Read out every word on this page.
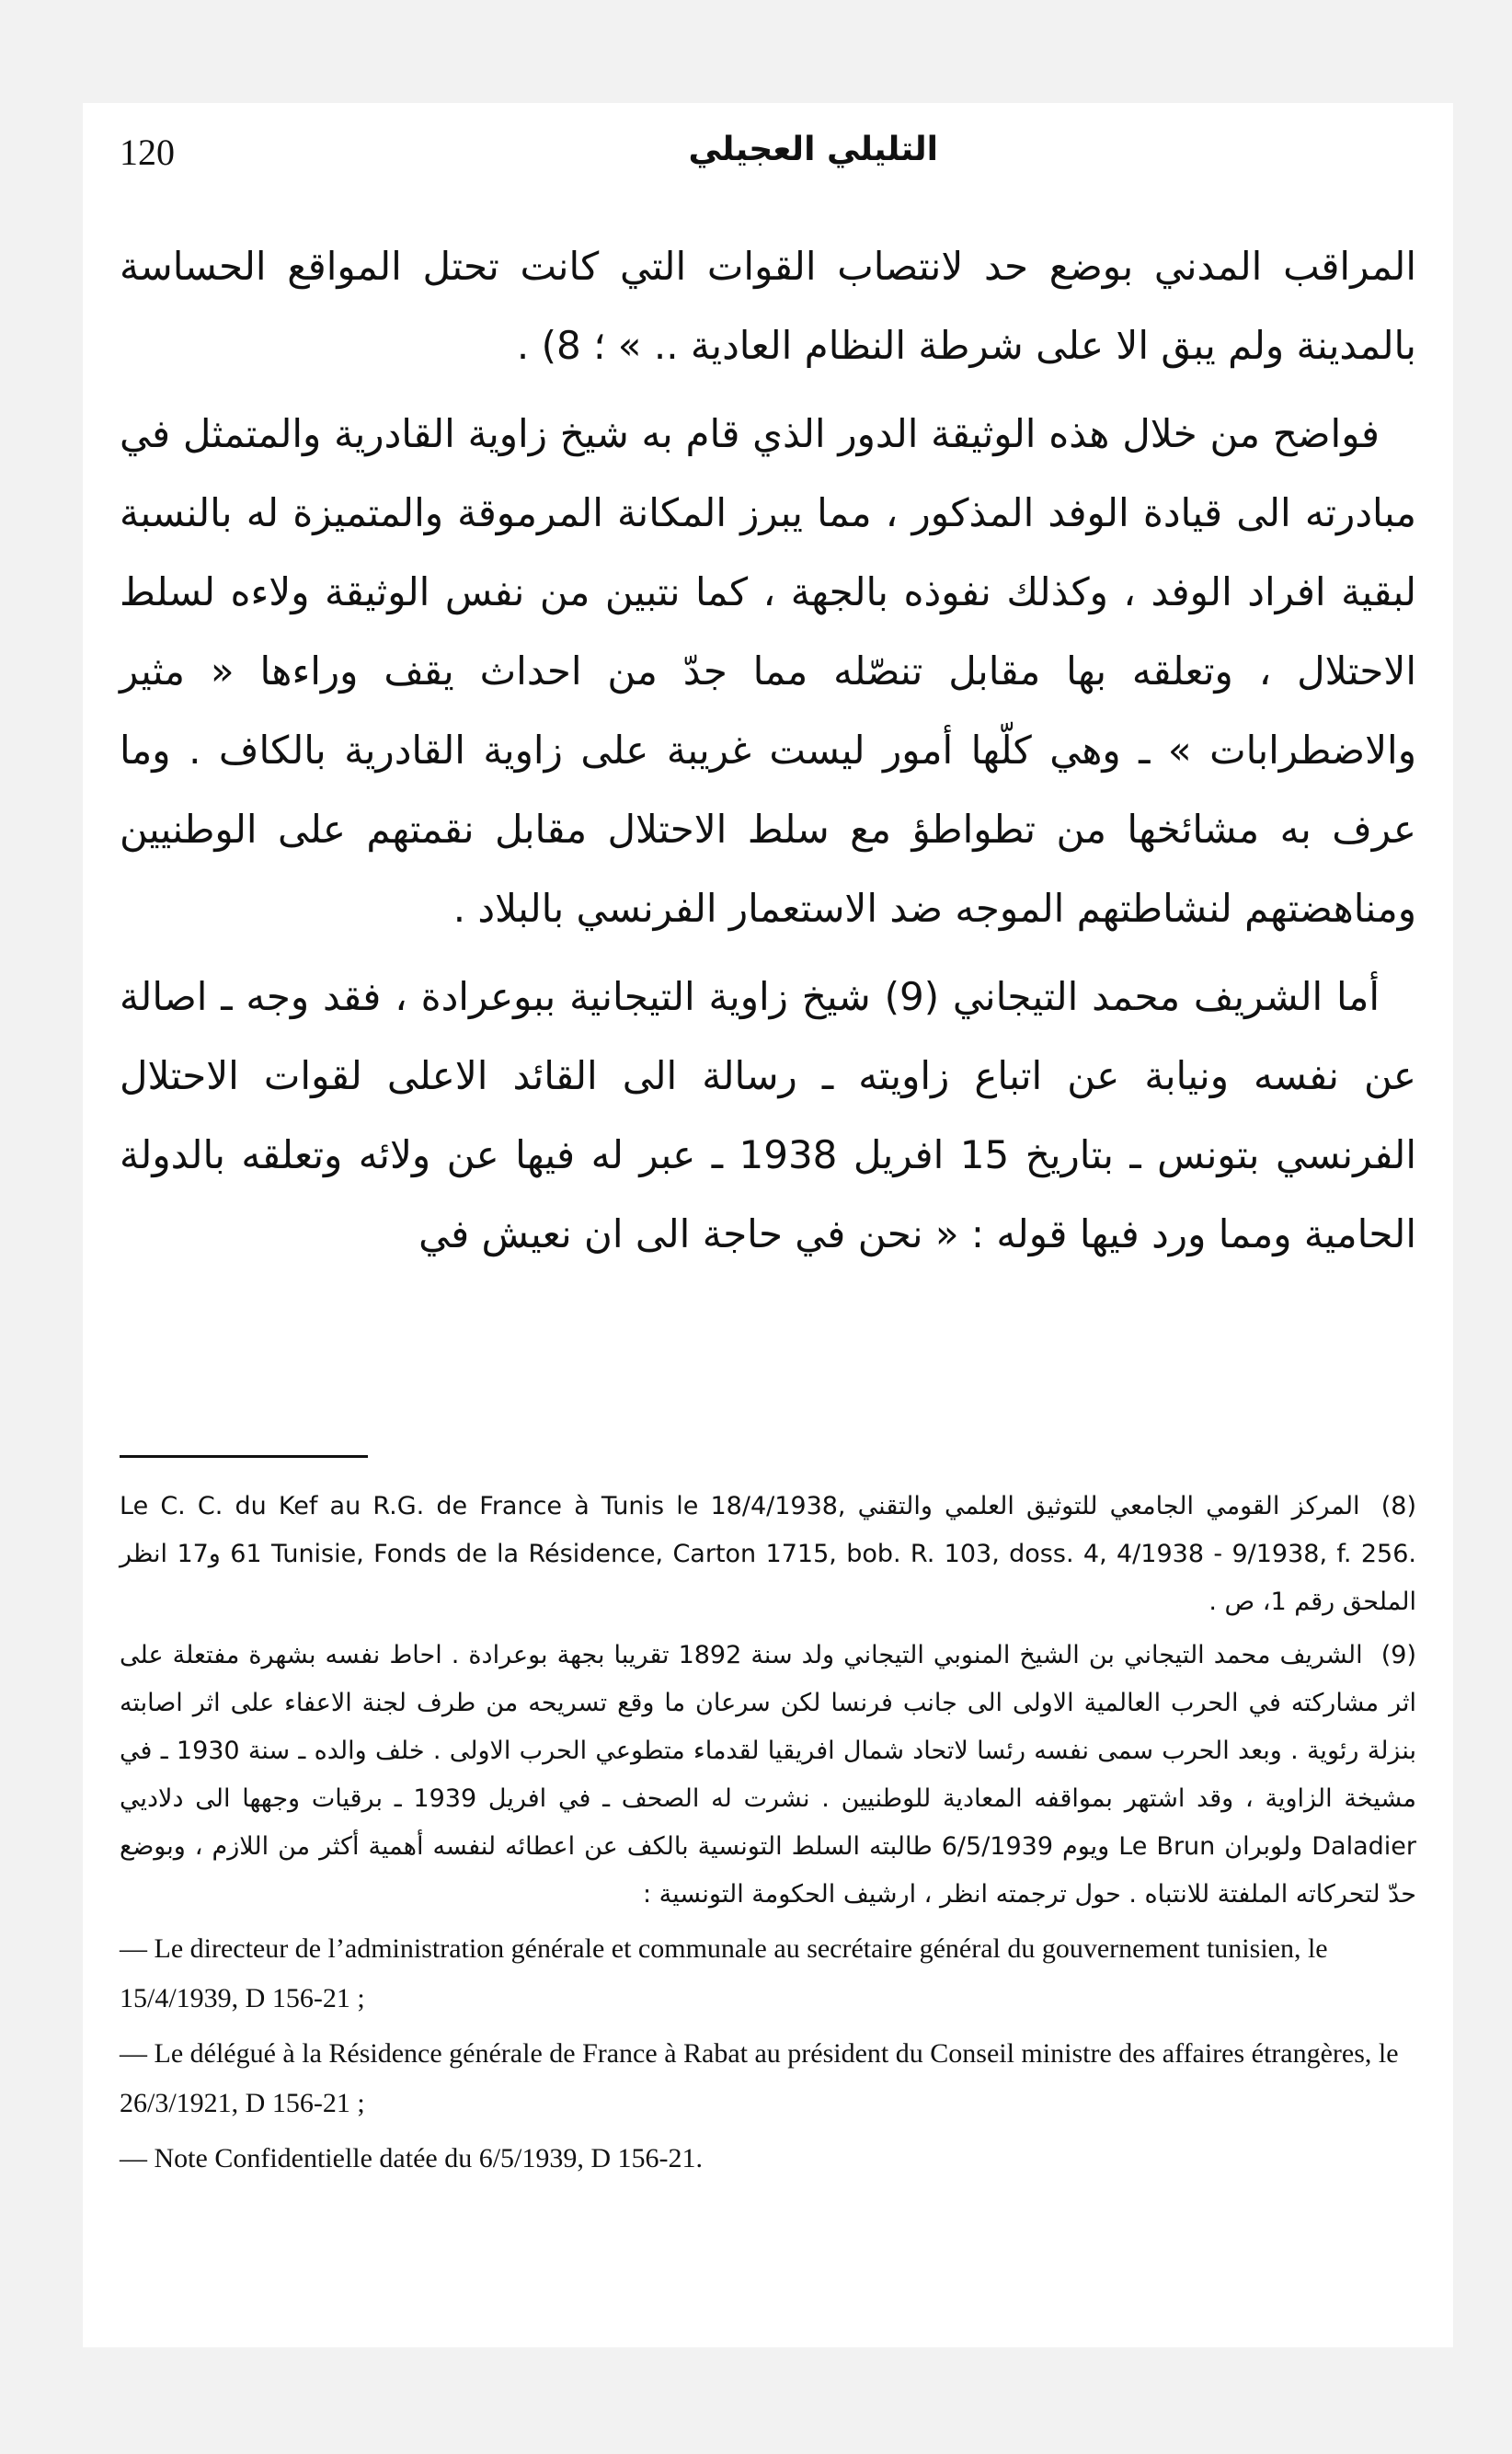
120	التليلي العجيلي

المراقب المدني بوضع حد لانتصاب القوات التي كانت تحتل المواقع الحساسة بالمدينة ولم يبق الا على شرطة النظام العادية .. » ؛ 8) .

فواضح من خلال هذه الوثيقة الدور الذي قام به شيخ زاوية القادرية والمتمثل في مبادرته الى قيادة الوفد المذكور ، مما يبرز المكانة المرموقة والمتميزة له بالنسبة لبقية افراد الوفد ، وكذلك نفوذه بالجهة ، كما نتبين من نفس الوثيقة ولاءه لسلط الاحتلال ، وتعلقه بها مقابل تنصّله مما جدّ من احداث يقف وراءها « مثير والاضطرابات » ـ وهي كلّها أمور ليست غريبة على زاوية القادرية بالكاف . وما عرف به مشائخها من تطواطؤ مع سلط الاحتلال مقابل نقمتهم على الوطنيين ومناهضتهم لنشاطتهم الموجه ضد الاستعمار الفرنسي بالبلاد .

أما الشريف محمد التيجاني (9) شيخ زاوية التيجانية ببوعرادة ، فقد وجه ـ اصالة عن نفسه ونيابة عن اتباع زاويته ـ رسالة الى القائد الاعلى لقوات الاحتلال الفرنسي بتونس ـ بتاريخ 15 افريل 1938 ـ عبر له فيها عن ولائه وتعلقه بالدولة الحامية ومما ورد فيها قوله : « نحن في حاجة الى ان نعيش في

(8) المركز القومي الجامعي للتوثيق العلمي والتقني Le C. C. du Kef au R.G. de France à Tunis le 18/4/1938, Tunisie, Fonds de la Résidence, Carton 1715, bob. R. 103, doss. 4, 4/1938 - 9/1938, f. 256. 61 و17 انظر الملحق رقم 1، ص .
(9) الشريف محمد التيجاني بن الشيخ المنوبي التيجاني ولد سنة 1892 تقريبا بجهة بوعرادة . احاط نفسه بشهرة مفتعلة على اثر مشاركته في الحرب العالمية الاولى الى جانب فرنسا لكن سرعان ما وقع تسريحه من طرف لجنة الاعفاء على اثر اصابته بنزلة رئوية . وبعد الحرب سمى نفسه رئسا لاتحاد شمال افريقيا لقدماء متطوعي الحرب الاولى . خلف والده ـ سنة 1930 ـ في مشيخة الزاوية ، وقد اشتهر بمواقفه المعادية للوطنيين . نشرت له الصحف ـ في افريل 1939 ـ برقيات وجهها الى دلاديي Daladier ولوبران Le Brun ويوم 6/5/1939 طالبته السلط التونسية بالكف عن اعطائه لنفسه أهمية أكثر من اللازم ، وبوضع حدّ لتحركاته الملفتة للانتباه . حول ترجمته انظر ، ارشيف الحكومة التونسية :
— Le directeur de l’administration générale et communale au secrétaire général du gouvernement tunisien, le 15/4/1939, D 156-21 ;
— Le délégué à la Résidence générale de France à Rabat au président du Conseil ministre des affaires étrangères, le 26/3/1921, D 156-21 ;
— Note Confidentielle datée du 6/5/1939, D 156-21.
